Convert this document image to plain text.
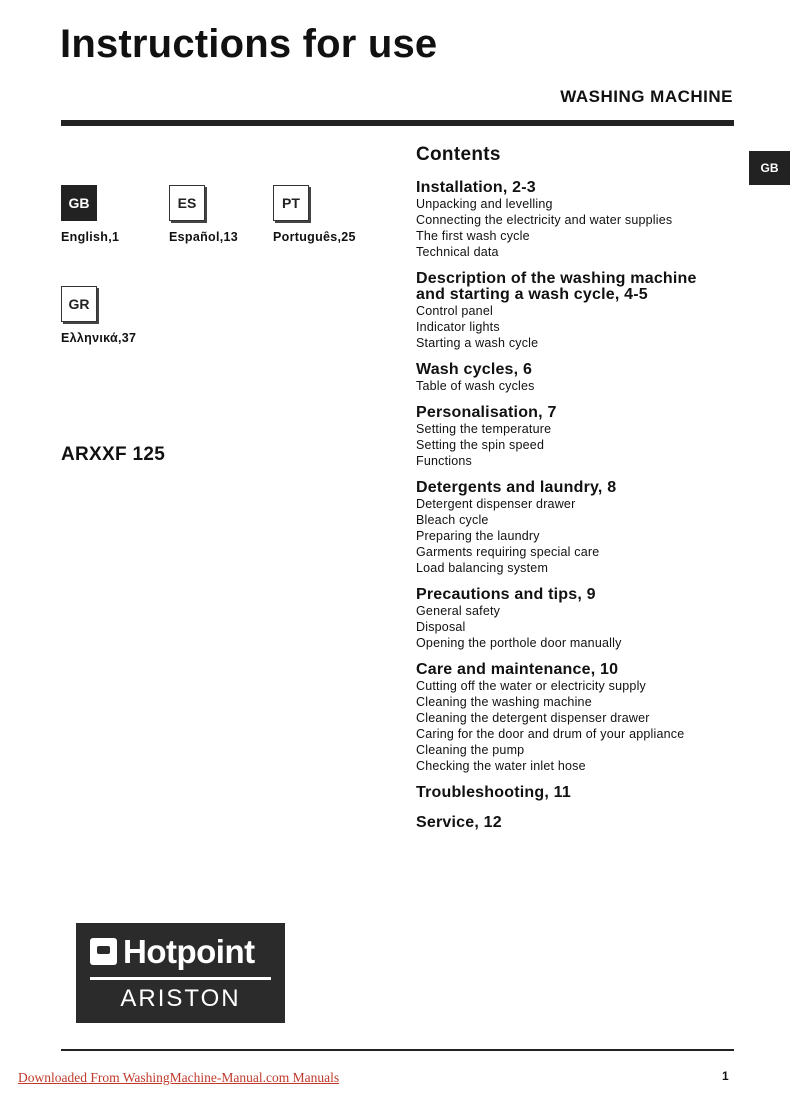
Instructions for use
WASHING MACHINE
GB
GB
English,1
ES
Español,13
PT
Português,25
GR
Ελληνικά,37
ARXXF 125
Contents
Installation, 2-3
Unpacking and levelling
Connecting the electricity and water supplies
The first wash cycle
Technical data
Description of the washing machine
and starting a wash cycle, 4-5
Control panel
Indicator lights
Starting a wash cycle
Wash cycles, 6
Table of wash cycles
Personalisation, 7
Setting the temperature
Setting the spin speed
Functions
Detergents and laundry, 8
Detergent dispenser drawer
Bleach cycle
Preparing the laundry
Garments requiring special care
Load balancing system
Precautions and tips, 9
General safety
Disposal
Opening the porthole door manually
Care and maintenance, 10
Cutting off the water or electricity supply
Cleaning the washing machine
Cleaning the detergent dispenser drawer
Caring for the door and drum of your appliance
Cleaning the pump
Checking the water inlet hose
Troubleshooting, 11
Service, 12
Hotpoint
ARISTON
Downloaded From WashingMachine-Manual.com Manuals	1
